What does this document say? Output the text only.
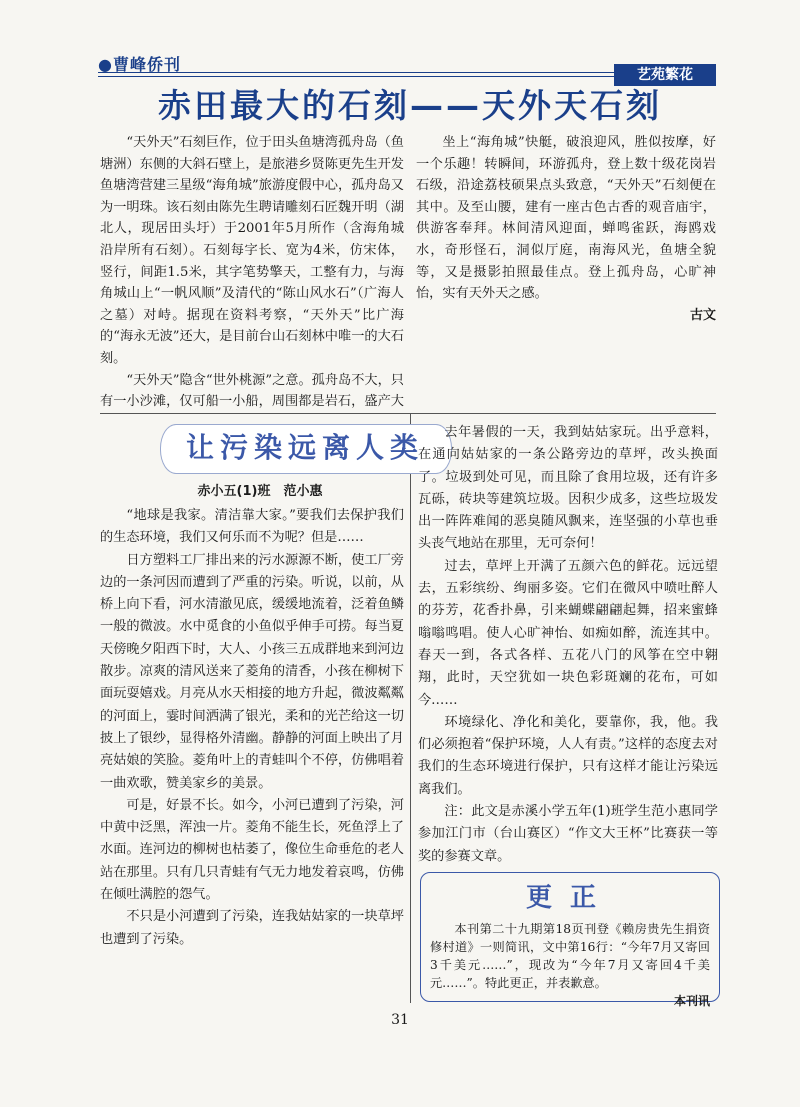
●曹峰侨刊
艺苑繁花
赤田最大的石刻——天外天石刻

“天外天”石刻巨作，位于田头鱼塘湾孤舟岛（鱼塘洲）东侧的大斜石壁上，是旅港乡贤陈更先生开发鱼塘湾营建三星级“海角城”旅游度假中心，孤舟岛又为一明珠。该石刻由陈先生聘请雕刻石匠魏开明（湖北人，现居田头圩）于2001年5月所作（含海角城沿岸所有石刻）。石刻每字长、宽为4米，仿宋体，竖行，间距1.5米，其字笔势擎天，工整有力，与海角城山上“一帆风顺”及清代的“陈山风水石”（广海人之墓）对峙。据现在资料考察，“天外天”比广海的“海永无波”还大，是目前台山石刻林中唯一的大石刻。

“天外天”隐含“世外桃源”之意。孤舟岛不大，只有一小沙滩，仅可船一小船，周围都是岩石，盛产大

坐上“海角城”快艇，破浪迎风，胜似按摩，好一个乐趣！转瞬间，环游孤舟，登上数十级花岗岩石级，沿途荔枝硕果点头致意，“天外天”石刻便在其中。及至山腰，建有一座古色古香的观音庙宇，供游客奉拜。林间清风迎面，蝉鸣雀跃，海鸥戏水，奇形怪石，洞似厅庭，南海风光，鱼塘全貌等，又是摄影拍照最佳点。登上孤舟岛，心旷神怡，实有天外天之感。

古文
让污染远离人类
赤小五(1)班　范小惠

“地球是我家。清洁靠大家。”要我们去保护我们的生态环境，我们又何乐而不为呢？但是……

日方塑料工厂排出来的污水源源不断，使工厂旁边的一条河因而遭到了严重的污染。听说，以前，从桥上向下看，河水清澈见底，缓缓地流着，泛着鱼鳞一般的微波。水中觅食的小鱼似乎伸手可捞。每当夏天傍晚夕阳西下时，大人、小孩三五成群地来到河边散步。凉爽的清风送来了菱角的清香，小孩在柳树下面玩耍嬉戏。月亮从水天相接的地方升起，微波粼粼的河面上，霎时间洒满了银光，柔和的光芒给这一切披上了银纱，显得格外清幽。静静的河面上映出了月亮姑娘的笑脸。菱角叶上的青蛙叫个不停，仿佛唱着一曲欢歌，赞美家乡的美景。

可是，好景不长。如今，小河已遭到了污染，河中黄中泛黑，浑浊一片。菱角不能生长，死鱼浮上了水面。连河边的柳树也枯萎了，像位生命垂危的老人站在那里。只有几只青蛙有气无力地发着哀鸣，仿佛在倾吐满腔的怨气。

不只是小河遭到了污染，连我姑姑家的一块草坪也遭到了污染。

去年暑假的一天，我到姑姑家玩。出乎意料，在通向姑姑家的一条公路旁边的草坪，改头换面了。垃圾到处可见，而且除了食用垃圾，还有许多瓦砾，砖块等建筑垃圾。因积少成多，这些垃圾发出一阵阵难闻的恶臭随风飘来，连坚强的小草也垂头丧气地站在那里，无可奈何！

过去，草坪上开满了五颜六色的鲜花。远远望去，五彩缤纷、绚丽多姿。它们在微风中喷吐醉人的芬芳，花香扑鼻，引来蝴蝶翩翩起舞，招来蜜蜂嗡嗡鸣唱。使人心旷神怡、如痴如醉，流连其中。春天一到，各式各样、五花八门的风筝在空中翱翔，此时，天空犹如一块色彩斑斓的花布，可如今……

环境绿化、净化和美化，要靠你，我，他。我们必须抱着“保护环境，人人有责。”这样的态度去对我们的生态环境进行保护，只有这样才能让污染远离我们。

注：此文是赤溪小学五年(1)班学生范小惠同学参加江门市（台山赛区）“作文大王杯”比赛获一等奖的参赛文章。

更正

本刊第二十九期第18页刊登《赖房贵先生捐资修村道》一则简讯，文中第16行：“今年7月又寄回3千美元……”，现改为“今年7月又寄回4千美元……”。特此更正，并表歉意。

本刊讯
31
